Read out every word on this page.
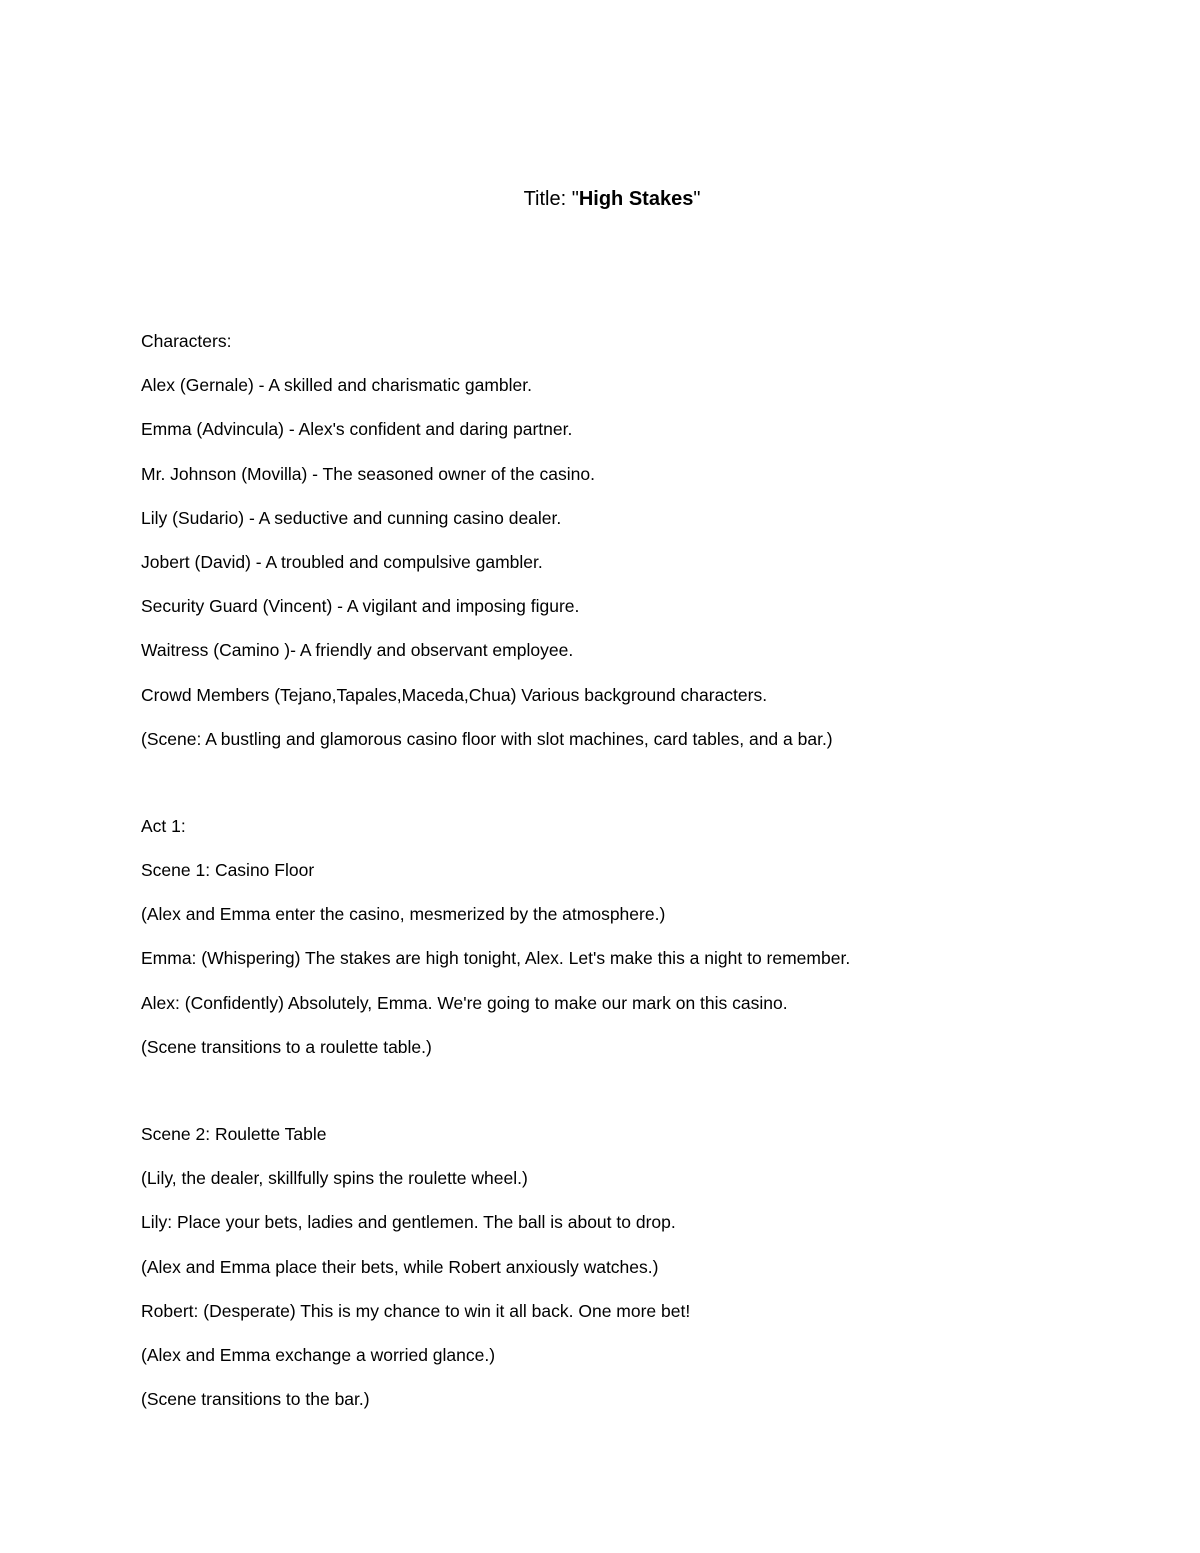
Title: "High Stakes"
Characters:
Alex (Gernale) - A skilled and charismatic gambler.
Emma (Advincula) - Alex's confident and daring partner.
Mr. Johnson (Movilla) - The seasoned owner of the casino.
Lily (Sudario) - A seductive and cunning casino dealer.
Jobert (David) - A troubled and compulsive gambler.
Security Guard (Vincent) - A vigilant and imposing figure.
Waitress (Camino )- A friendly and observant employee.
Crowd Members (Tejano,Tapales,Maceda,Chua) Various background characters.
(Scene: A bustling and glamorous casino floor with slot machines, card tables, and a bar.)
Act 1:
Scene 1: Casino Floor
(Alex and Emma enter the casino, mesmerized by the atmosphere.)
Emma: (Whispering) The stakes are high tonight, Alex. Let's make this a night to remember.
Alex: (Confidently) Absolutely, Emma. We're going to make our mark on this casino.
(Scene transitions to a roulette table.)
Scene 2: Roulette Table
(Lily, the dealer, skillfully spins the roulette wheel.)
Lily: Place your bets, ladies and gentlemen. The ball is about to drop.
(Alex and Emma place their bets, while Robert anxiously watches.)
Robert: (Desperate) This is my chance to win it all back. One more bet!
(Alex and Emma exchange a worried glance.)
(Scene transitions to the bar.)
